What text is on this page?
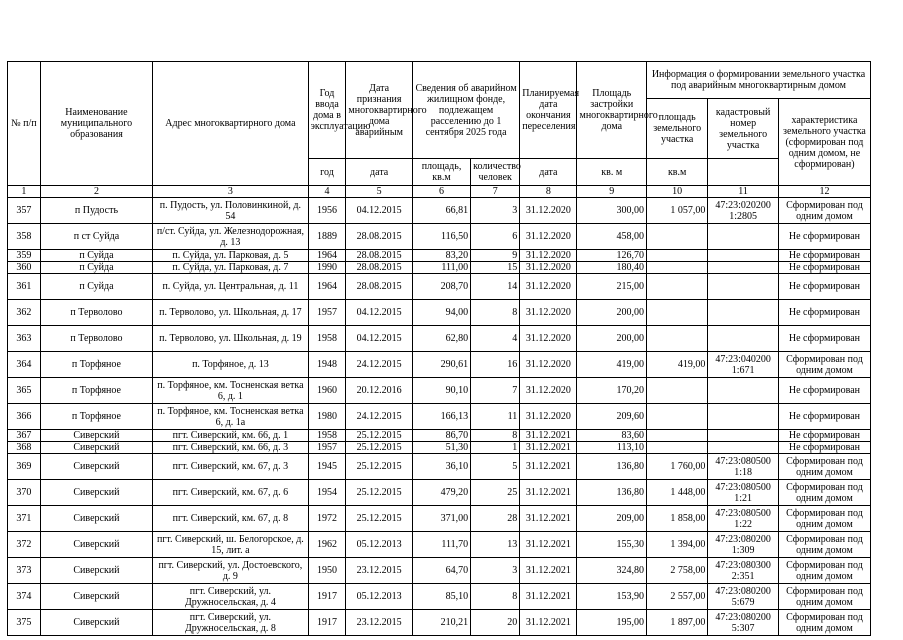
№ п/п	Наименование муниципального образования	Адрес многоквартирного дома	Год ввода дома в эксплуатацию	Дата признания многоквартирного дома аварийным	Сведения об аварийном жилищном фонде, подлежащем расселению до 1 сентября 2025 года		Планируемая дата окончания переселения	Площадь застройки многоквартирного дома	Информация о формировании земельного участка под аварийным многоквартирным домом		
									площадь земельного участка	кадастровый номер земельного участка	характеристика земельного участка (сформирован под одним домом, не сформирован)
			год	дата	площадь, кв.м	количество человек	дата	кв. м	кв.м		
1	2	3	4	5	6	7	8	9	10	11	12
357	п Пудость	п. Пудость, ул. Половинкиной, д. 54	1956	04.12.2015	66,81	3	31.12.2020	300,00	1 057,00	47:23:020200 1:2805	Сформирован под одним домом
358	п ст Суйда	п/ст. Суйда, ул. Железнодорожная, д. 13	1889	28.08.2015	116,50	6	31.12.2020	458,00			Не сформирован
359	п Суйда	п. Суйда, ул. Парковая, д. 5	1964	28.08.2015	83,20	9	31.12.2020	126,70			Не сформирован
360	п Суйда	п. Суйда, ул. Парковая, д. 7	1990	28.08.2015	111,00	15	31.12.2020	180,40			Не сформирован
361	п Суйда	п. Суйда, ул. Центральная, д. 11	1964	28.08.2015	208,70	14	31.12.2020	215,00			Не сформирован
362	п Терволово	п. Терволово, ул. Школьная, д. 17	1957	04.12.2015	94,00	8	31.12.2020	200,00			Не сформирован
363	п Терволово	п. Терволово, ул. Школьная, д. 19	1958	04.12.2015	62,80	4	31.12.2020	200,00			Не сформирован
364	п Торфяное	п. Торфяное, д. 13	1948	24.12.2015	290,61	16	31.12.2020	419,00	419,00	47:23:040200 1:671	Сформирован под одним домом
365	п Торфяное	п. Торфяное, км. Тосненская ветка 6, д. 1	1960	20.12.2016	90,10	7	31.12.2020	170,20			Не сформирован
366	п Торфяное	п. Торфяное, км. Тосненская ветка 6, д. 1а	1980	24.12.2015	166,13	11	31.12.2020	209,60			Не сформирован
367	Сиверский	пгт. Сиверский, км. 66, д. 1	1958	25.12.2015	86,70	8	31.12.2021	83,60			Не сформирован
368	Сиверский	пгт. Сиверский, км. 66, д. 3	1957	25.12.2015	51,30	1	31.12.2021	113,10			Не сформирован
369	Сиверский	пгт. Сиверский, км. 67, д. 3	1945	25.12.2015	36,10	5	31.12.2021	136,80	1 760,00	47:23:080500 1:18	Сформирован под одним домом
370	Сиверский	пгт. Сиверский, км. 67, д. 6	1954	25.12.2015	479,20	25	31.12.2021	136,80	1 448,00	47:23:080500 1:21	Сформирован под одним домом
371	Сиверский	пгт. Сиверский, км. 67, д. 8	1972	25.12.2015	371,00	28	31.12.2021	209,00	1 858,00	47:23:080500 1:22	Сформирован под одним домом
372	Сиверский	пгт. Сиверский, ш. Белогорское, д. 15, лит. а	1962	05.12.2013	111,70	13	31.12.2021	155,30	1 394,00	47:23:080200 1:309	Сформирован под одним домом
373	Сиверский	пгт. Сиверский, ул. Достоевского, д. 9	1950	23.12.2015	64,70	3	31.12.2021	324,80	2 758,00	47:23:080300 2:351	Сформирован под одним домом
374	Сиверский	пгт. Сиверский, ул. Дружносельская, д. 4	1917	05.12.2013	85,10	8	31.12.2021	153,90	2 557,00	47:23:080200 5:679	Сформирован под одним домом
375	Сиверский	пгт. Сиверский, ул. Дружносельская, д. 8	1917	23.12.2015	210,21	20	31.12.2021	195,00	1 897,00	47:23:080200 5:307	Сформирован под одним домом
